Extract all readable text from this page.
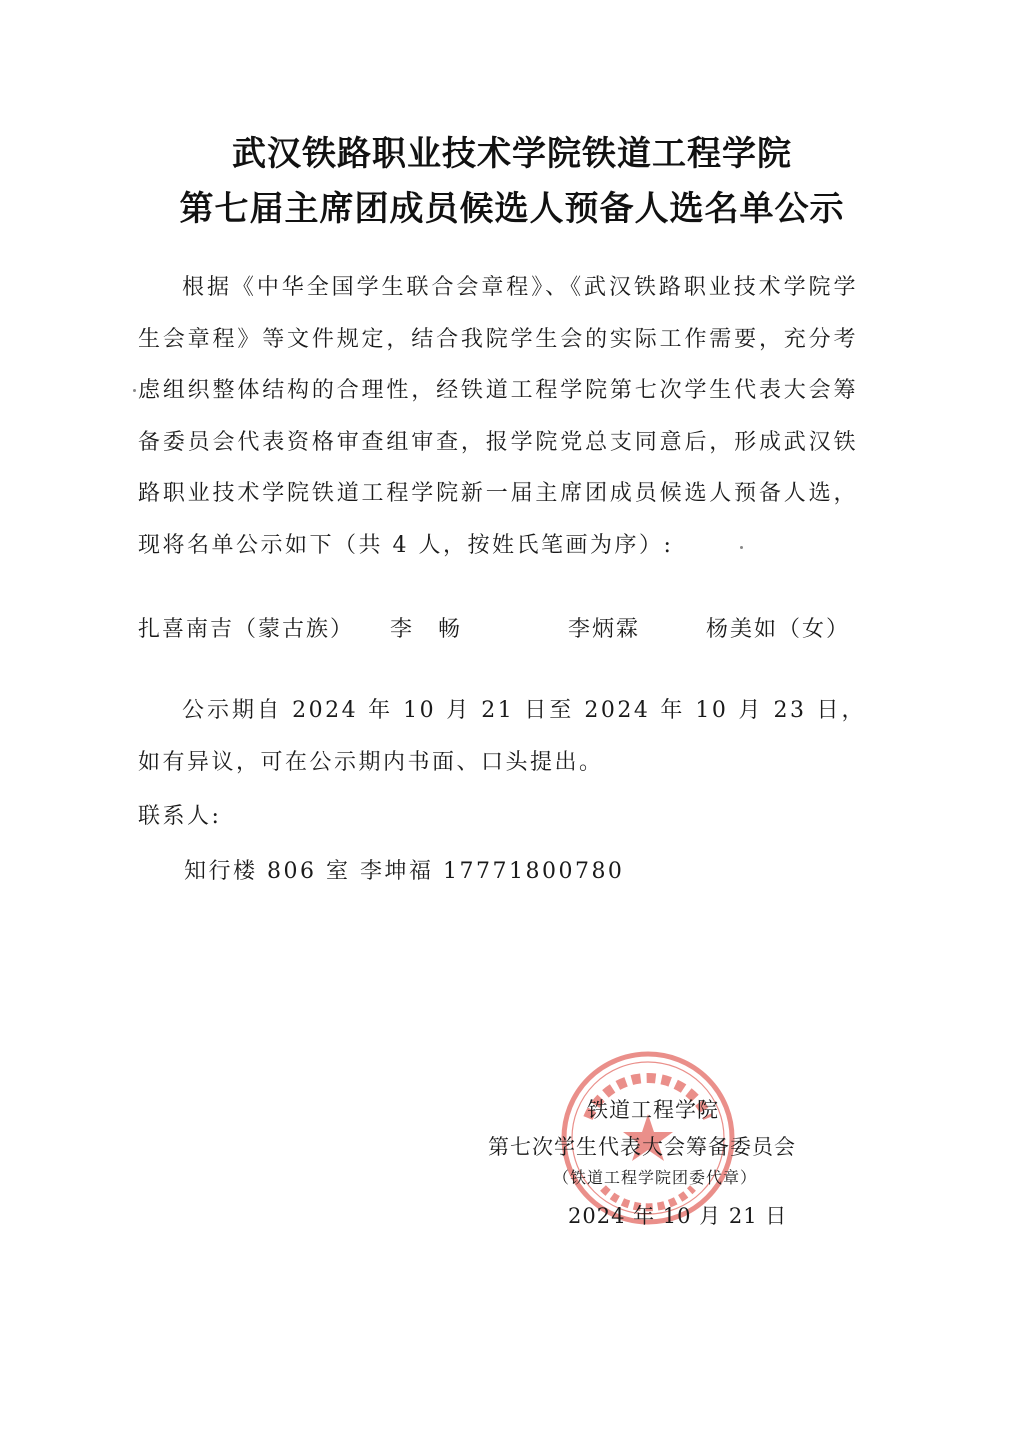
武汉铁路职业技术学院铁道工程学院
第七届主席团成员候选人预备人选名单公示
根据《中华全国学生联合会章程》、《武汉铁路职业技术学院学生会章程》等文件规定，结合我院学生会的实际工作需要，充分考虑组织整体结构的合理性，经铁道工程学院第七次学生代表大会筹备委员会代表资格审查组审查，报学院党总支同意后，形成武汉铁路职业技术学院铁道工程学院新一届主席团成员候选人预备人选，现将名单公示如下（共 4 人，按姓氏笔画为序）:
扎喜南吉（蒙古族） 李　畅	李炳霖	杨美如（女）
公示期自 2024 年 10 月 21 日至 2024 年 10 月 23 日，如有异议，可在公示期内书面、口头提出。
联系人:
知行楼 806 室 李坤福 17771800780
铁道工程学院
第七次学生代表大会筹备委员会
（铁道工程学院团委代章）
2024 年 10 月 21 日
